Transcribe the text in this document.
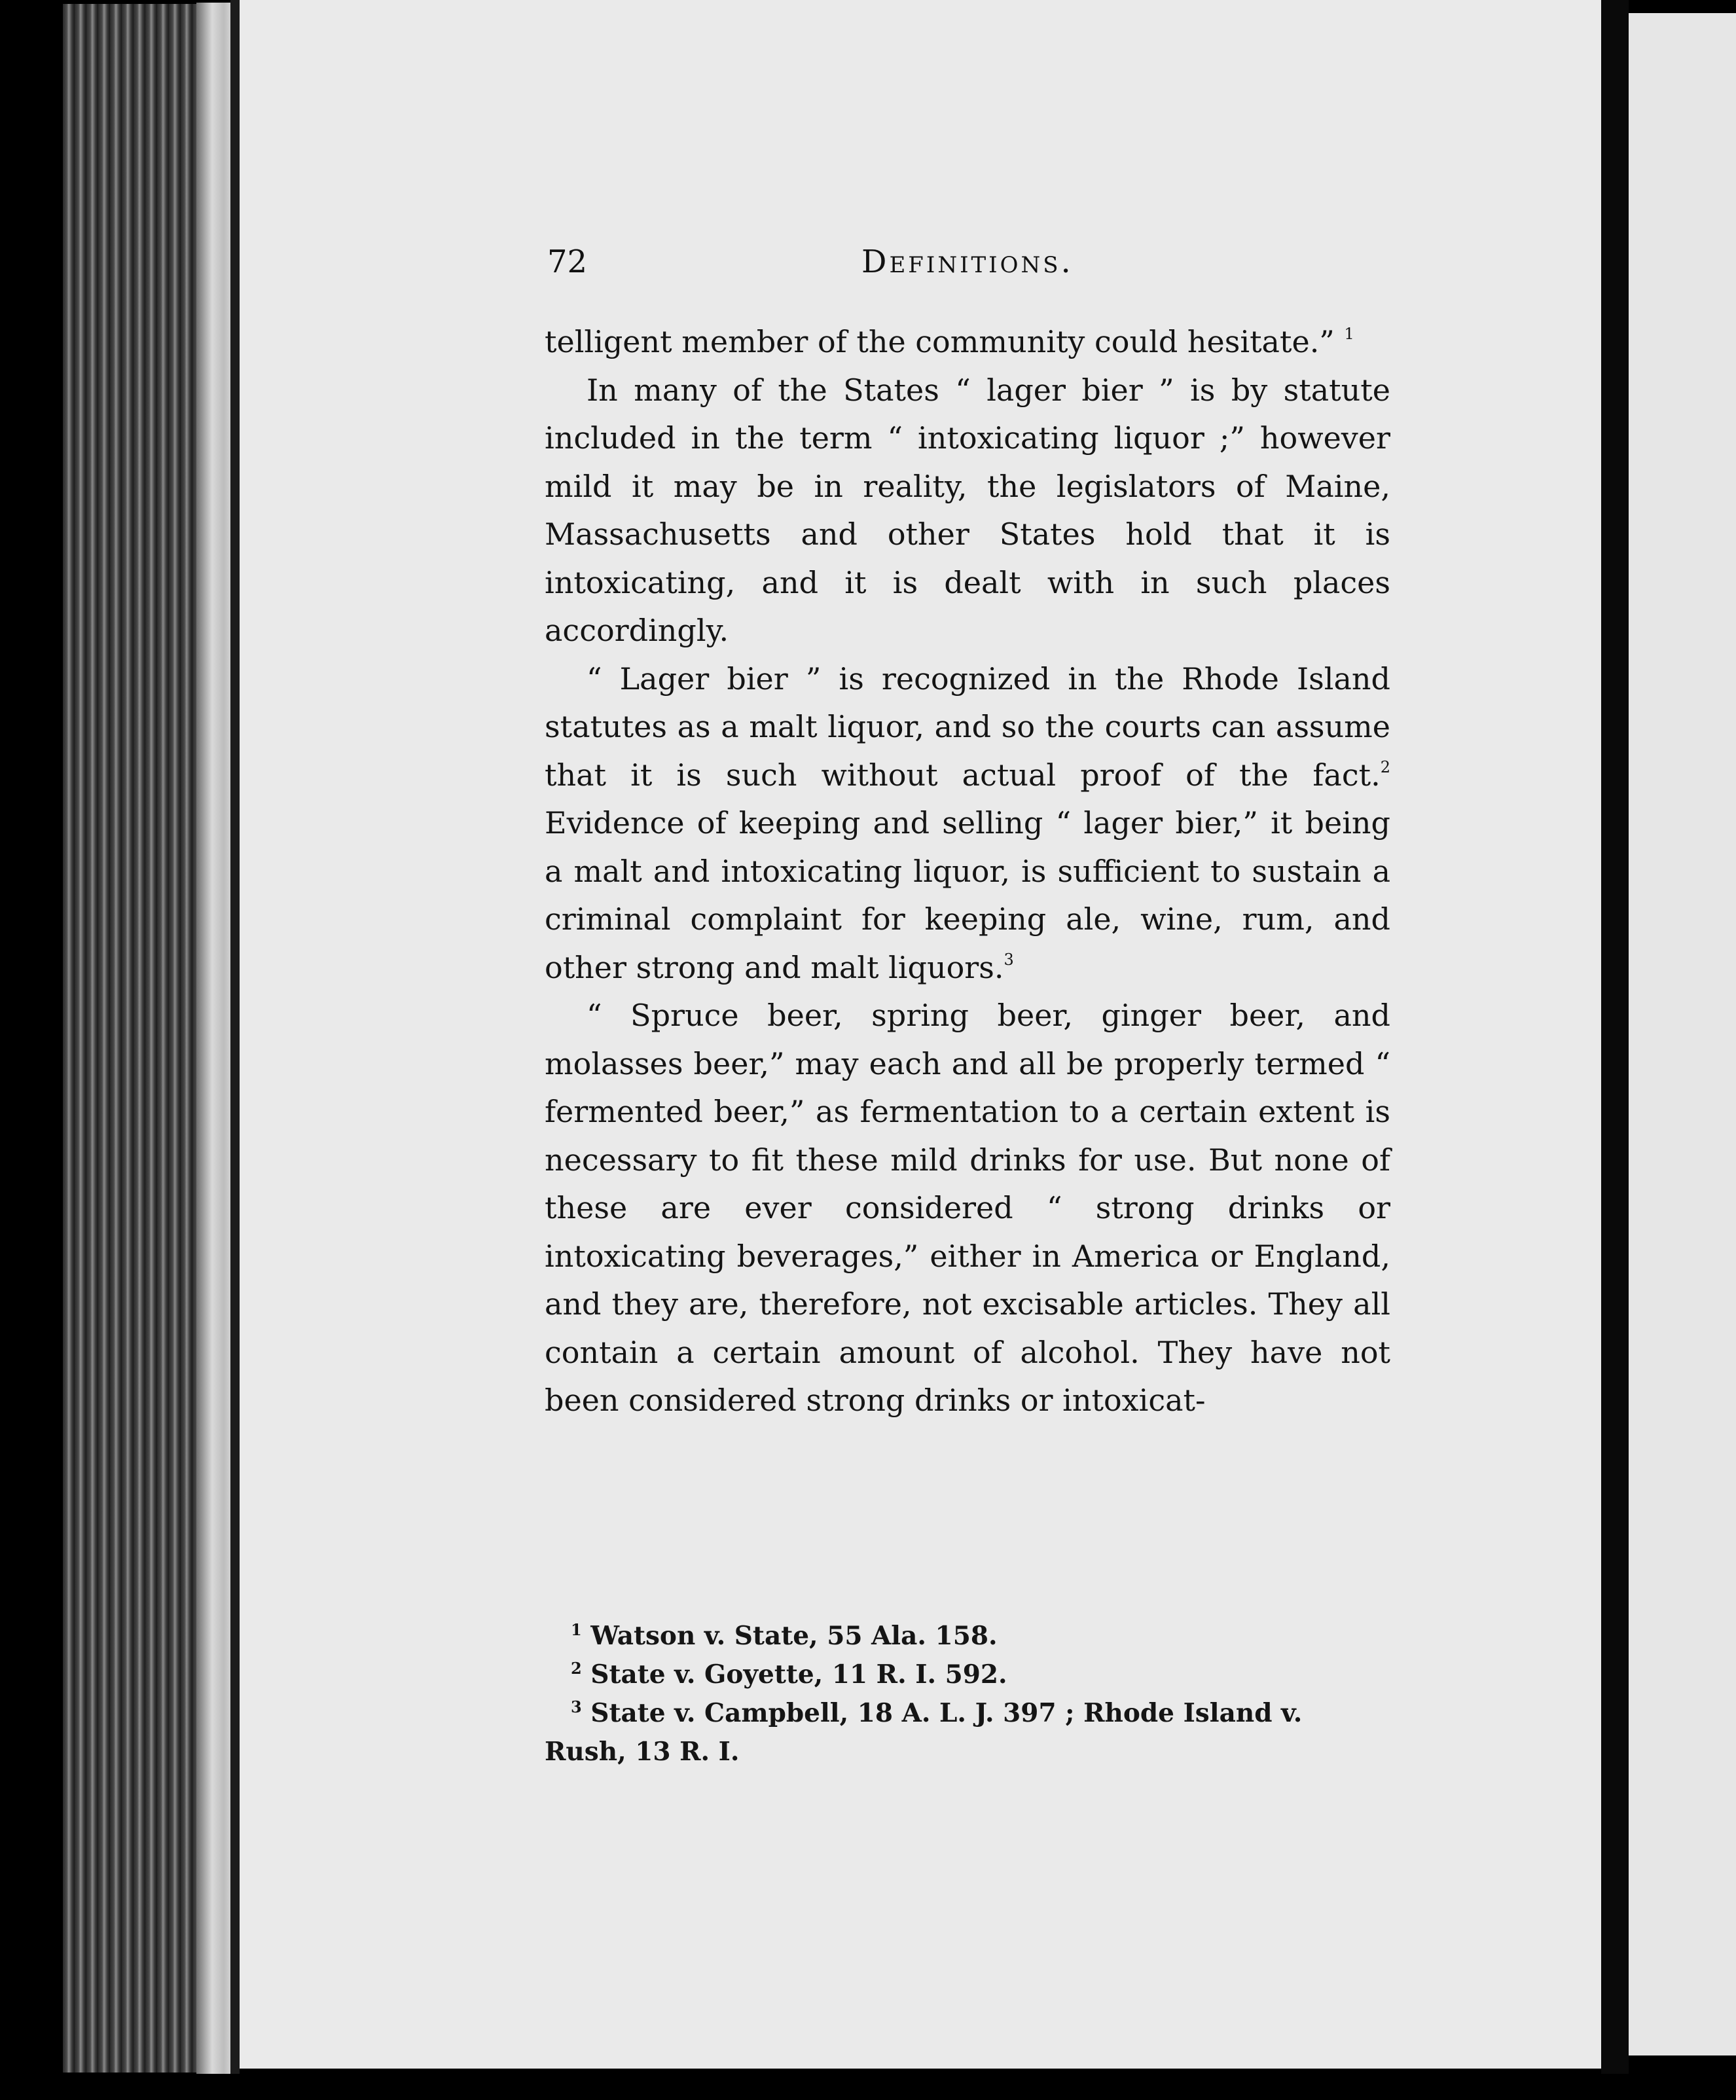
72	Definitions.

telligent member of the community could hesitate.” $^1$

In many of the States “ lager bier ” is by statute included in the term “ intoxicating liquor ;” however mild it may be in reality, the legislators of Maine, Massachusetts and other States hold that it is intoxicating, and it is dealt with in such places accordingly.

“ Lager bier ” is recognized in the Rhode Island statutes as a malt liquor, and so the courts can assume that it is such without actual proof of the fact.$^2$ Evidence of keeping and selling “ lager bier,” it being a malt and intoxicating liquor, is sufficient to sustain a criminal complaint for keeping ale, wine, rum, and other strong and malt liquors.$^3$

“ Spruce beer, spring beer, ginger beer, and molasses beer,” may each and all be properly termed “ fermented beer,” as fermentation to a certain extent is necessary to fit these mild drinks for use. But none of these are ever considered “ strong drinks or intoxicating beverages,” either in America or England, and they are, therefore, not excisable articles. They all contain a certain amount of alcohol. They have not been considered strong drinks or intoxicat-

$^1$ Watson v. State, 55 Ala. 158.

$^2$ State v. Goyette, 11 R. I. 592.

$^3$ State v. Campbell, 18 A. L. J. 397 ; Rhode Island v. Rush, 13 R. I.
